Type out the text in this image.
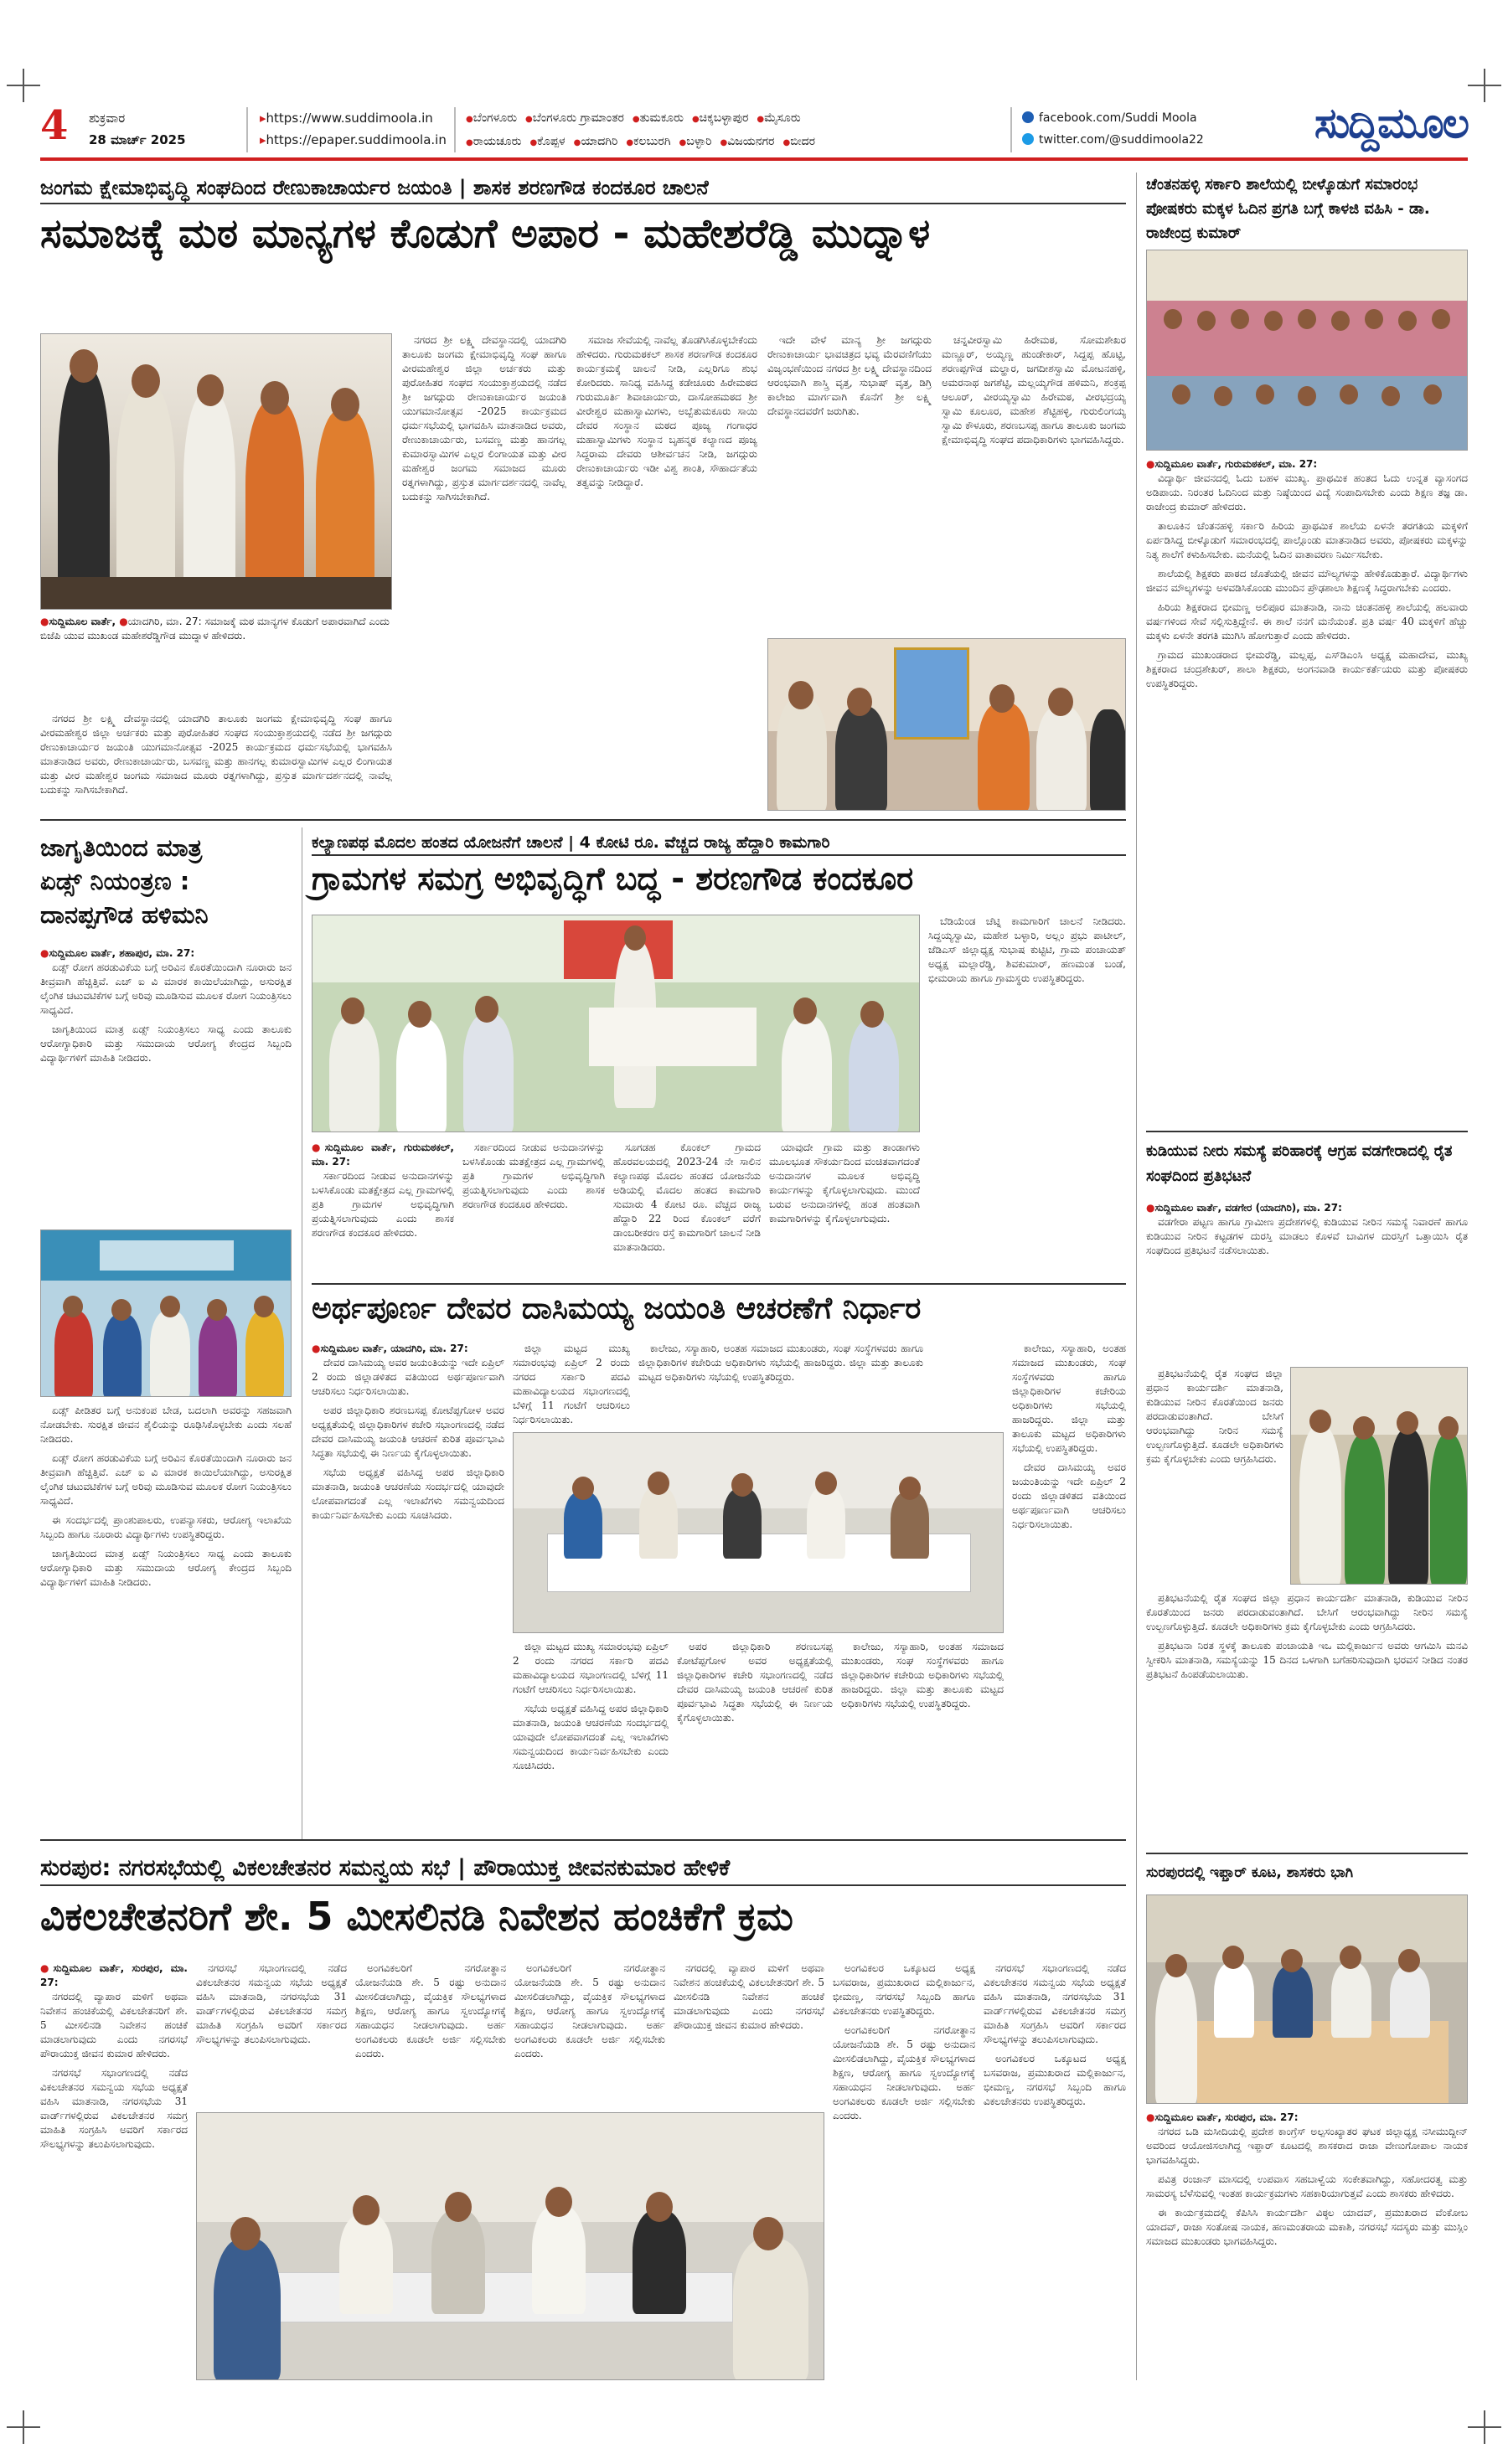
4	ಶುಕ್ರವಾರ
28 ಮಾರ್ಚ್ 2025
▸ https://www.suddimoola.in
▸ https://epaper.suddimoola.in
● ಬೆಂಗಳೂರು ● ಬೆಂಗಳೂರು ಗ್ರಾಮಾಂತರ ● ತುಮಕೂರು ● ಚಿಕ್ಕಬಳ್ಳಾಪುರ ● ಮೈಸೂರು
● ರಾಯಚೂರು ● ಕೊಪ್ಪಳ ● ಯಾದಗಿರಿ ● ಕಲಬುರಗಿ ● ಬಳ್ಳಾರಿ ● ವಿಜಯನಗರ ● ಬೀದರ
facebook.com/Suddi Moola
twitter.com/@suddimoola22	ಸುದ್ದಿಮೂಲ
ಜಂಗಮ ಕ್ಷೇಮಾಭಿವೃದ್ಧಿ ಸಂಘದಿಂದ ರೇಣುಕಾಚಾರ್ಯರ ಜಯಂತಿ | ಶಾಸಕ ಶರಣಗೌಡ ಕಂದಕೂರ ಚಾಲನೆ
ಸಮಾಜಕ್ಕೆ ಮಠ ಮಾನ್ಯಗಳ ಕೊಡುಗೆ ಅಪಾರ - ಮಹೇಶರೆಡ್ಡಿ ಮುದ್ನಾಳ
● ಸುದ್ದಿಮೂಲ ವಾರ್ತೆ, ● ಯಾದಗಿರಿ, ಮಾ. 27: ಸಮಾಜಕ್ಕೆ ಮಠ ಮಾನ್ಯಗಳ ಕೊಡುಗೆ ಅಪಾರವಾಗಿದೆ ಎಂದು ಬಿಜೆಪಿ ಯುವ ಮುಖಂಡ ಮಹೇಶರೆಡ್ಡಿಗೌಡ ಮುದ್ನಾಳ ಹೇಳಿದರು.

ನಗರದ ಶ್ರೀ ಲಕ್ಷ್ಮಿ ದೇವಸ್ಥಾನದಲ್ಲಿ ಯಾದಗಿರಿ ತಾಲೂಕು ಜಂಗಮ ಕ್ಷೇಮಾಭಿವೃದ್ಧಿ ಸಂಘ ಹಾಗೂ ವೀರಮಹೇಶ್ವರ ಜಿಲ್ಲಾ ಅರ್ಚಕರು ಮತ್ತು ಪುರೋಹಿತರ ಸಂಘದ ಸಂಯುಕ್ತಾಶ್ರಯದಲ್ಲಿ ನಡೆದ ಶ್ರೀ ಜಗದ್ಗುರು ರೇಣುಕಾಚಾರ್ಯರ ಜಯಂತಿ ಯುಗಮಾನೋತ್ಸವ -2025 ಕಾರ್ಯಕ್ರಮದ ಧರ್ಮಸಭೆಯಲ್ಲಿ ಭಾಗವಹಿಸಿ ಮಾತನಾಡಿದ ಅವರು, ರೇಣುಕಾಚಾರ್ಯರು, ಬಸವಣ್ಣ ಮತ್ತು ಹಾನಗಲ್ಲ ಕುಮಾರಸ್ವಾಮಿಗಳ ಎಲ್ಲರ ಲಿಂಗಾಯತ ಮತ್ತು ವೀರ ಮಹೇಶ್ವರ ಜಂಗಮ ಸಮಾಜದ ಮೂರು ರತ್ನಗಳಾಗಿದ್ದು, ಪ್ರಸ್ತುತ ಮಾರ್ಗದರ್ಶನದಲ್ಲಿ ನಾವೆಲ್ಲ ಬದುಕನ್ನು ಸಾಗಿಸಬೇಕಾಗಿದೆ.

ನಗರದ ಶ್ರೀ ಲಕ್ಷ್ಮಿ ದೇವಸ್ಥಾನದಲ್ಲಿ ಯಾದಗಿರಿ ತಾಲೂಕು ಜಂಗಮ ಕ್ಷೇಮಾಭಿವೃದ್ಧಿ ಸಂಘ ಹಾಗೂ ವೀರಮಹೇಶ್ವರ ಜಿಲ್ಲಾ ಅರ್ಚಕರು ಮತ್ತು ಪುರೋಹಿತರ ಸಂಘದ ಸಂಯುಕ್ತಾಶ್ರಯದಲ್ಲಿ ನಡೆದ ಶ್ರೀ ಜಗದ್ಗುರು ರೇಣುಕಾಚಾರ್ಯರ ಜಯಂತಿ ಯುಗಮಾನೋತ್ಸವ -2025 ಕಾರ್ಯಕ್ರಮದ ಧರ್ಮಸಭೆಯಲ್ಲಿ ಭಾಗವಹಿಸಿ ಮಾತನಾಡಿದ ಅವರು, ರೇಣುಕಾಚಾರ್ಯರು, ಬಸವಣ್ಣ ಮತ್ತು ಹಾನಗಲ್ಲ ಕುಮಾರಸ್ವಾಮಿಗಳ ಎಲ್ಲರ ಲಿಂಗಾಯತ ಮತ್ತು ವೀರ ಮಹೇಶ್ವರ ಜಂಗಮ ಸಮಾಜದ ಮೂರು ರತ್ನಗಳಾಗಿದ್ದು, ಪ್ರಸ್ತುತ ಮಾರ್ಗದರ್ಶನದಲ್ಲಿ ನಾವೆಲ್ಲ ಬದುಕನ್ನು ಸಾಗಿಸಬೇಕಾಗಿದೆ.

ಸಮಾಜ ಸೇವೆಯಲ್ಲಿ ನಾವೆಲ್ಲ ತೊಡಗಿಸಿಕೊಳ್ಳಬೇಕೆಂದು ಹೇಳಿದರು. ಗುರುಮಠಕಲ್ ಶಾಸಕ ಶರಣಗೌಡ ಕಂದಕೂರ ಕಾರ್ಯಕ್ರಮಕ್ಕೆ ಚಾಲನೆ ನೀಡಿ, ಎಲ್ಲರಿಗೂ ಶುಭ ಕೋರಿದರು. ಸಾನಿಧ್ಯ ವಹಿಸಿದ್ದ ಕಡೇಚೂರು ಹಿರೇಮಠದ ಗುರುಮೂರ್ತಿ ಶಿವಾಚಾರ್ಯರು, ದಾಸೋಹಮಠದ ಶ್ರೀ ವೀರೇಶ್ವರ ಮಹಾಸ್ವಾಮಿಗಳು, ಅಬ್ಬೆತುಮಕೂರು ಸಾಯಿ ದೇವರ ಸಂಸ್ಥಾನ ಮಠದ ಪೂಜ್ಯ ಗಂಗಾಧರ ಮಹಾಸ್ವಾಮಿಗಳು ಸಂಸ್ಥಾನ ಬೃಹನ್ಮಠ ಕಲ್ಯಾಣದ ಪೂಜ್ಯ ಸಿದ್ಧರಾಮ ದೇವರು ಆಶೀರ್ವಚನ ನೀಡಿ, ಜಗದ್ಗುರು ರೇಣುಕಾಚಾರ್ಯರು ಇಡೀ ವಿಶ್ವ ಶಾಂತಿ, ಸೌಹಾರ್ದತೆಯ ತತ್ವವನ್ನು ನೀಡಿದ್ದಾರೆ.

ಇದೇ ವೇಳೆ ಮಾನ್ಯ ಶ್ರೀ ಜಗದ್ಗುರು ರೇಣುಕಾಚಾರ್ಯ ಭಾವಚಿತ್ರದ ಭವ್ಯ ಮೆರವಣಿಗೆಯು ವಿಜೃಂಭಣೆಯಿಂದ ನಗರದ ಶ್ರೀ ಲಕ್ಷ್ಮಿ ದೇವಸ್ಥಾನದಿಂದ ಆರಂಭವಾಗಿ ಶಾಸ್ತ್ರಿ ವೃತ್ತ, ಸುಭಾಷ್ ವೃತ್ತ, ಡಿಗ್ರಿ ಕಾಲೇಜು ಮಾರ್ಗವಾಗಿ ಕೊನೆಗೆ ಶ್ರೀ ಲಕ್ಷ್ಮಿ ದೇವಸ್ಥಾನದವರೆಗೆ ಜರುಗಿತು.

ಚನ್ನವೀರಸ್ವಾಮಿ ಹಿರೇಮಠ, ಸೋಮಶೇಖರ ಮಣ್ಣೂರ್, ಅಯ್ಯಣ್ಣ ಹುಂಡೇಕಾರ್, ಸಿದ್ದಪ್ಪ ಹೊಟ್ಟಿ, ಶರಣಪ್ಪಗೌಡ ಮಲ್ಹಾರ, ಜಗದೀಶಸ್ವಾಮಿ ಮೋಟನಹಳ್ಳಿ, ಅಮರನಾಥ ಜಗಶೆಟ್ಟಿ, ಮಲ್ಲಯ್ಯಗೌಡ ಹಳಿಮನಿ, ಶಂಕ್ರಪ್ಪ ಆಲೂರ್, ವೀರಯ್ಯಸ್ವಾಮಿ ಹಿರೇಮಠ, ವೀರಭದ್ರಯ್ಯ ಸ್ವಾಮಿ ಕೂಲೂರ, ಮಹೇಶ ಶೆಟ್ಟಿಹಳ್ಳಿ, ಗುರುಲಿಂಗಯ್ಯ ಸ್ವಾಮಿ ಕೌಳೂರು, ಶರಣಬಸಪ್ಪ ಹಾಗೂ ತಾಲೂಕು ಜಂಗಮ ಕ್ಷೇಮಾಭಿವೃದ್ಧಿ ಸಂಘದ ಪದಾಧಿಕಾರಿಗಳು ಭಾಗವಹಿಸಿದ್ದರು.

ಜಾಗೃತಿಯಿಂದ ಮಾತ್ರ
ಏಡ್ಸ್ ನಿಯಂತ್ರಣ :
ದಾನಪ್ಪಗೌಡ ಹಳಿಮನಿ
● ಸುದ್ದಿಮೂಲ ವಾರ್ತೆ, ಶಹಾಪುರ, ಮಾ. 27:

ಏಡ್ಸ್ ರೋಗ ಹರಡುವಿಕೆಯ ಬಗ್ಗೆ ಅರಿವಿನ ಕೊರತೆಯಿಂದಾಗಿ ನೂರಾರು ಜನ ತೀವ್ರವಾಗಿ ಹೆಚ್ಚಿತ್ತಿವೆ. ಎಚ್ ಐ ವಿ ಮಾರಕ ಕಾಯಿಲೆಯಾಗಿದ್ದು, ಅಸುರಕ್ಷಿತ ಲೈಂಗಿಕ ಚಟುವಟಿಕೆಗಳ ಬಗ್ಗೆ ಅರಿವು ಮೂಡಿಸುವ ಮೂಲಕ ರೋಗ ನಿಯಂತ್ರಿಸಲು ಸಾಧ್ಯವಿದೆ.

ಜಾಗೃತಿಯಿಂದ ಮಾತ್ರ ಏಡ್ಸ್ ನಿಯಂತ್ರಿಸಲು ಸಾಧ್ಯ ಎಂದು ತಾಲೂಕು ಆರೋಗ್ಯಾಧಿಕಾರಿ ಮತ್ತು ಸಮುದಾಯ ಆರೋಗ್ಯ ಕೇಂದ್ರದ ಸಿಬ್ಬಂದಿ ವಿದ್ಯಾರ್ಥಿಗಳಿಗೆ ಮಾಹಿತಿ ನೀಡಿದರು.

ಏಡ್ಸ್ ಪೀಡಿತರ ಬಗ್ಗೆ ಅನುಕಂಪ ಬೇಡ, ಬದಲಾಗಿ ಅವರನ್ನು ಸಹಜವಾಗಿ ನೋಡಬೇಕು. ಸುರಕ್ಷಿತ ಜೀವನ ಶೈಲಿಯನ್ನು ರೂಢಿಸಿಕೊಳ್ಳಬೇಕು ಎಂದು ಸಲಹೆ ನೀಡಿದರು.

ಏಡ್ಸ್ ರೋಗ ಹರಡುವಿಕೆಯ ಬಗ್ಗೆ ಅರಿವಿನ ಕೊರತೆಯಿಂದಾಗಿ ನೂರಾರು ಜನ ತೀವ್ರವಾಗಿ ಹೆಚ್ಚಿತ್ತಿವೆ. ಎಚ್ ಐ ವಿ ಮಾರಕ ಕಾಯಿಲೆಯಾಗಿದ್ದು, ಅಸುರಕ್ಷಿತ ಲೈಂಗಿಕ ಚಟುವಟಿಕೆಗಳ ಬಗ್ಗೆ ಅರಿವು ಮೂಡಿಸುವ ಮೂಲಕ ರೋಗ ನಿಯಂತ್ರಿಸಲು ಸಾಧ್ಯವಿದೆ.

ಈ ಸಂದರ್ಭದಲ್ಲಿ ಪ್ರಾಂಶುಪಾಲರು, ಉಪನ್ಯಾಸಕರು, ಆರೋಗ್ಯ ಇಲಾಖೆಯ ಸಿಬ್ಬಂದಿ ಹಾಗೂ ನೂರಾರು ವಿದ್ಯಾರ್ಥಿಗಳು ಉಪಸ್ಥಿತರಿದ್ದರು.

ಜಾಗೃತಿಯಿಂದ ಮಾತ್ರ ಏಡ್ಸ್ ನಿಯಂತ್ರಿಸಲು ಸಾಧ್ಯ ಎಂದು ತಾಲೂಕು ಆರೋಗ್ಯಾಧಿಕಾರಿ ಮತ್ತು ಸಮುದಾಯ ಆರೋಗ್ಯ ಕೇಂದ್ರದ ಸಿಬ್ಬಂದಿ ವಿದ್ಯಾರ್ಥಿಗಳಿಗೆ ಮಾಹಿತಿ ನೀಡಿದರು.

ಕಲ್ಯಾಣಪಥ ಮೊದಲ ಹಂತದ ಯೋಜನೆಗೆ ಚಾಲನೆ | 4 ಕೋಟಿ ರೂ. ವೆಚ್ಚದ ರಾಜ್ಯ ಹೆದ್ದಾರಿ ಕಾಮಗಾರಿ
ಗ್ರಾಮಗಳ ಸಮಗ್ರ ಅಭಿವೃದ್ಧಿಗೆ ಬದ್ಧ - ಶರಣಗೌಡ ಕಂದಕೂರ

ಬೆಡಿಯೆಂಡ ಚೆಟ್ನಿ ಕಾಮಗಾರಿಗೆ ಚಾಲನೆ ನೀಡಿದರು. ಸಿದ್ದಯ್ಯಸ್ವಾಮಿ, ಮಹೇಶ ಬಳ್ಳಾರಿ, ಅಲ್ಲಂ ಪ್ರಭು ಪಾಟೀಲ್, ಜೆಡಿಎಸ್ ಜಿಲ್ಲಾಧ್ಯಕ್ಷ ಸುಭಾಷ ಕುಟ್ಟಿಟಿ, ಗ್ರಾಮ ಪಂಚಾಯತ್ ಅಧ್ಯಕ್ಷ ಮಲ್ಲಾರೆಡ್ಡಿ, ಶಿವಕುಮಾರ್, ಹಣಮಂತ ಬಂಡೆ, ಭೀಮರಾಯ ಹಾಗೂ ಗ್ರಾಮಸ್ಥರು ಉಪಸ್ಥಿತರಿದ್ದರು.

● ಸುದ್ದಿಮೂಲ ವಾರ್ತೆ, ಗುರುಮಠಕಲ್, ಮಾ. 27:

ಸರ್ಕಾರದಿಂದ ನೀಡುವ ಅನುದಾನಗಳನ್ನು ಬಳಸಿಕೊಂಡು ಮತಕ್ಷೇತ್ರದ ಎಲ್ಲ ಗ್ರಾಮಗಳಲ್ಲಿ ಪ್ರತಿ ಗ್ರಾಮಗಳ ಅಭಿವೃದ್ಧಿಗಾಗಿ ಪ್ರಯತ್ನಿಸಲಾಗುವುದು ಎಂದು ಶಾಸಕ ಶರಣಗೌಡ ಕಂದಕೂರ ಹೇಳಿದರು.

ಸರ್ಕಾರದಿಂದ ನೀಡುವ ಅನುದಾನಗಳನ್ನು ಬಳಸಿಕೊಂಡು ಮತಕ್ಷೇತ್ರದ ಎಲ್ಲ ಗ್ರಾಮಗಳಲ್ಲಿ ಪ್ರತಿ ಗ್ರಾಮಗಳ ಅಭಿವೃದ್ಧಿಗಾಗಿ ಪ್ರಯತ್ನಿಸಲಾಗುವುದು ಎಂದು ಶಾಸಕ ಶರಣಗೌಡ ಕಂದಕೂರ ಹೇಳಿದರು.

ಸೂಗಡಹ ಕೊಂಕಲ್ ಗ್ರಾಮದ ಹೊರವಲಯದಲ್ಲಿ 2023-24 ನೇ ಸಾಲಿನ ಕಲ್ಯಾಣಪಥ ಮೊದಲ ಹಂತದ ಯೋಜನೆಯ ಅಡಿಯಲ್ಲಿ ಮೊದಲ ಹಂತದ ಕಾಮಗಾರಿ ಸುಮಾರು 4 ಕೋಟಿ ರೂ. ವೆಚ್ಚದ ರಾಜ್ಯ ಹೆದ್ದಾರಿ 22 ರಿಂದ ಕೊಂಕಲ್ ವರೆಗೆ ಡಾಂಬರೀಕರಣ ರಸ್ತೆ ಕಾಮಗಾರಿಗೆ ಚಾಲನೆ ನೀಡಿ ಮಾತನಾಡಿದರು.

ಯಾವುದೇ ಗ್ರಾಮ ಮತ್ತು ತಾಂಡಾಗಳು ಮೂಲಭೂತ ಸೌಕರ್ಯದಿಂದ ವಂಚಿತವಾಗದಂತೆ ಅನುದಾನಗಳ ಮೂಲಕ ಅಭಿವೃದ್ಧಿ ಕಾರ್ಯಗಳನ್ನು ಕೈಗೊಳ್ಳಲಾಗುವುದು. ಮುಂದೆ ಬರುವ ಅನುದಾನಗಳಲ್ಲಿ ಹಂತ ಹಂತವಾಗಿ ಕಾಮಗಾರಿಗಳನ್ನು ಕೈಗೊಳ್ಳಲಾಗುವುದು.

ಅರ್ಥಪೂರ್ಣ ದೇವರ ದಾಸಿಮಯ್ಯ ಜಯಂತಿ ಆಚರಣೆಗೆ ನಿರ್ಧಾರ
● ಸುದ್ದಿಮೂಲ ವಾರ್ತೆ, ಯಾದಗಿರಿ, ಮಾ. 27:

ದೇವರ ದಾಸಿಮಯ್ಯ ಅವರ ಜಯಂತಿಯನ್ನು ಇದೇ ಏಪ್ರಿಲ್ 2 ರಂದು ಜಿಲ್ಲಾಡಳಿತದ ವತಿಯಿಂದ ಅರ್ಥಪೂರ್ಣವಾಗಿ ಆಚರಿಸಲು ನಿರ್ಧರಿಸಲಾಯಿತು.

ಅಪರ ಜಿಲ್ಲಾಧಿಕಾರಿ ಶರಣಬಸಪ್ಪ ಕೋಟೆಪ್ಪಗೋಳ ಅವರ ಅಧ್ಯಕ್ಷತೆಯಲ್ಲಿ ಜಿಲ್ಲಾಧಿಕಾರಿಗಳ ಕಚೇರಿ ಸಭಾಂಗಣದಲ್ಲಿ ನಡೆದ ದೇವರ ದಾಸಿಮಯ್ಯ ಜಯಂತಿ ಆಚರಣೆ ಕುರಿತ ಪೂರ್ವಭಾವಿ ಸಿದ್ಧತಾ ಸಭೆಯಲ್ಲಿ ಈ ನಿರ್ಣಯ ಕೈಗೊಳ್ಳಲಾಯಿತು.

ಸಭೆಯ ಅಧ್ಯಕ್ಷತೆ ವಹಿಸಿದ್ದ ಅಪರ ಜಿಲ್ಲಾಧಿಕಾರಿ ಮಾತನಾಡಿ, ಜಯಂತಿ ಆಚರಣೆಯ ಸಂದರ್ಭದಲ್ಲಿ ಯಾವುದೇ ಲೋಪವಾಗದಂತೆ ಎಲ್ಲ ಇಲಾಖೆಗಳು ಸಮನ್ವಯದಿಂದ ಕಾರ್ಯನಿರ್ವಹಿಸಬೇಕು ಎಂದು ಸೂಚಿಸಿದರು.

ಜಿಲ್ಲಾ ಮಟ್ಟದ ಮುಖ್ಯ ಸಮಾರಂಭವು ಏಪ್ರಿಲ್ 2 ರಂದು ನಗರದ ಸರ್ಕಾರಿ ಪದವಿ ಮಹಾವಿದ್ಯಾಲಯದ ಸಭಾಂಗಣದಲ್ಲಿ ಬೆಳಿಗ್ಗೆ 11 ಗಂಟೆಗೆ ಆಚರಿಸಲು ನಿರ್ಧರಿಸಲಾಯಿತು.

ಕಾಲೇಜು, ಸಸ್ಯಾಹಾರಿ, ಅಂತಹ ಸಮಾಜದ ಮುಖಂಡರು, ಸಂಘ ಸಂಸ್ಥೆಗಳವರು ಹಾಗೂ ಜಿಲ್ಲಾಧಿಕಾರಿಗಳ ಕಚೇರಿಯ ಅಧಿಕಾರಿಗಳು ಸಭೆಯಲ್ಲಿ ಹಾಜರಿದ್ದರು. ಜಿಲ್ಲಾ ಮತ್ತು ತಾಲೂಕು ಮಟ್ಟದ ಅಧಿಕಾರಿಗಳು ಸಭೆಯಲ್ಲಿ ಉಪಸ್ಥಿತರಿದ್ದರು.

ಜಿಲ್ಲಾ ಮಟ್ಟದ ಮುಖ್ಯ ಸಮಾರಂಭವು ಏಪ್ರಿಲ್ 2 ರಂದು ನಗರದ ಸರ್ಕಾರಿ ಪದವಿ ಮಹಾವಿದ್ಯಾಲಯದ ಸಭಾಂಗಣದಲ್ಲಿ ಬೆಳಿಗ್ಗೆ 11 ಗಂಟೆಗೆ ಆಚರಿಸಲು ನಿರ್ಧರಿಸಲಾಯಿತು.

ಸಭೆಯ ಅಧ್ಯಕ್ಷತೆ ವಹಿಸಿದ್ದ ಅಪರ ಜಿಲ್ಲಾಧಿಕಾರಿ ಮಾತನಾಡಿ, ಜಯಂತಿ ಆಚರಣೆಯ ಸಂದರ್ಭದಲ್ಲಿ ಯಾವುದೇ ಲೋಪವಾಗದಂತೆ ಎಲ್ಲ ಇಲಾಖೆಗಳು ಸಮನ್ವಯದಿಂದ ಕಾರ್ಯನಿರ್ವಹಿಸಬೇಕು ಎಂದು ಸೂಚಿಸಿದರು.

ಅಪರ ಜಿಲ್ಲಾಧಿಕಾರಿ ಶರಣಬಸಪ್ಪ ಕೋಟೆಪ್ಪಗೋಳ ಅವರ ಅಧ್ಯಕ್ಷತೆಯಲ್ಲಿ ಜಿಲ್ಲಾಧಿಕಾರಿಗಳ ಕಚೇರಿ ಸಭಾಂಗಣದಲ್ಲಿ ನಡೆದ ದೇವರ ದಾಸಿಮಯ್ಯ ಜಯಂತಿ ಆಚರಣೆ ಕುರಿತ ಪೂರ್ವಭಾವಿ ಸಿದ್ಧತಾ ಸಭೆಯಲ್ಲಿ ಈ ನಿರ್ಣಯ ಕೈಗೊಳ್ಳಲಾಯಿತು.

ಕಾಲೇಜು, ಸಸ್ಯಾಹಾರಿ, ಅಂತಹ ಸಮಾಜದ ಮುಖಂಡರು, ಸಂಘ ಸಂಸ್ಥೆಗಳವರು ಹಾಗೂ ಜಿಲ್ಲಾಧಿಕಾರಿಗಳ ಕಚೇರಿಯ ಅಧಿಕಾರಿಗಳು ಸಭೆಯಲ್ಲಿ ಹಾಜರಿದ್ದರು. ಜಿಲ್ಲಾ ಮತ್ತು ತಾಲೂಕು ಮಟ್ಟದ ಅಧಿಕಾರಿಗಳು ಸಭೆಯಲ್ಲಿ ಉಪಸ್ಥಿತರಿದ್ದರು.

ಕಾಲೇಜು, ಸಸ್ಯಾಹಾರಿ, ಅಂತಹ ಸಮಾಜದ ಮುಖಂಡರು, ಸಂಘ ಸಂಸ್ಥೆಗಳವರು ಹಾಗೂ ಜಿಲ್ಲಾಧಿಕಾರಿಗಳ ಕಚೇರಿಯ ಅಧಿಕಾರಿಗಳು ಸಭೆಯಲ್ಲಿ ಹಾಜರಿದ್ದರು. ಜಿಲ್ಲಾ ಮತ್ತು ತಾಲೂಕು ಮಟ್ಟದ ಅಧಿಕಾರಿಗಳು ಸಭೆಯಲ್ಲಿ ಉಪಸ್ಥಿತರಿದ್ದರು.

ದೇವರ ದಾಸಿಮಯ್ಯ ಅವರ ಜಯಂತಿಯನ್ನು ಇದೇ ಏಪ್ರಿಲ್ 2 ರಂದು ಜಿಲ್ಲಾಡಳಿತದ ವತಿಯಿಂದ ಅರ್ಥಪೂರ್ಣವಾಗಿ ಆಚರಿಸಲು ನಿರ್ಧರಿಸಲಾಯಿತು.

ಸುರಪುರ: ನಗರಸಭೆಯಲ್ಲಿ ವಿಕಲಚೇತನರ ಸಮನ್ವಯ ಸಭೆ | ಪೌರಾಯುಕ್ತ ಜೀವನಕುಮಾರ ಹೇಳಿಕೆ
ವಿಕಲಚೇತನರಿಗೆ ಶೇ. 5 ಮೀಸಲಿನಡಿ ನಿವೇಶನ ಹಂಚಿಕೆಗೆ ಕ್ರಮ
● ಸುದ್ದಿಮೂಲ ವಾರ್ತೆ, ಸುರಪುರ, ಮಾ. 27:

ನಗರದಲ್ಲಿ ವ್ಯಾಪಾರ ಮಳಿಗೆ ಅಥವಾ ನಿವೇಶನ ಹಂಚಿಕೆಯಲ್ಲಿ ವಿಕಲಚೇತನರಿಗೆ ಶೇ. 5 ಮೀಸಲಿನಡಿ ನಿವೇಶನ ಹಂಚಿಕೆ ಮಾಡಲಾಗುವುದು ಎಂದು ನಗರಸಭೆ ಪೌರಾಯುಕ್ತ ಜೀವನ ಕುಮಾರ ಹೇಳಿದರು.

ನಗರಸಭೆ ಸಭಾಂಗಣದಲ್ಲಿ ನಡೆದ ವಿಕಲಚೇತನರ ಸಮನ್ವಯ ಸಭೆಯ ಅಧ್ಯಕ್ಷತೆ ವಹಿಸಿ ಮಾತನಾಡಿ, ನಗರಸಭೆಯ 31 ವಾರ್ಡ್‌ಗಳಲ್ಲಿರುವ ವಿಕಲಚೇತನರ ಸಮಗ್ರ ಮಾಹಿತಿ ಸಂಗ್ರಹಿಸಿ ಅವರಿಗೆ ಸರ್ಕಾರದ ಸೌಲಭ್ಯಗಳನ್ನು ತಲುಪಿಸಲಾಗುವುದು.

ನಗರಸಭೆ ಸಭಾಂಗಣದಲ್ಲಿ ನಡೆದ ವಿಕಲಚೇತನರ ಸಮನ್ವಯ ಸಭೆಯ ಅಧ್ಯಕ್ಷತೆ ವಹಿಸಿ ಮಾತನಾಡಿ, ನಗರಸಭೆಯ 31 ವಾರ್ಡ್‌ಗಳಲ್ಲಿರುವ ವಿಕಲಚೇತನರ ಸಮಗ್ರ ಮಾಹಿತಿ ಸಂಗ್ರಹಿಸಿ ಅವರಿಗೆ ಸರ್ಕಾರದ ಸೌಲಭ್ಯಗಳನ್ನು ತಲುಪಿಸಲಾಗುವುದು.

ಅಂಗವಿಕಲರಿಗೆ ನಗರೋತ್ಥಾನ ಯೋಜನೆಯಡಿ ಶೇ. 5 ರಷ್ಟು ಅನುದಾನ ಮೀಸಲಿಡಲಾಗಿದ್ದು, ವೈಯಕ್ತಿಕ ಸೌಲಭ್ಯಗಳಾದ ಶಿಕ್ಷಣ, ಆರೋಗ್ಯ ಹಾಗೂ ಸ್ವಉದ್ಯೋಗಕ್ಕೆ ಸಹಾಯಧನ ನೀಡಲಾಗುವುದು. ಅರ್ಹ ಅಂಗವಿಕಲರು ಕೂಡಲೇ ಅರ್ಜಿ ಸಲ್ಲಿಸಬೇಕು ಎಂದರು.

ಅಂಗವಿಕಲರಿಗೆ ನಗರೋತ್ಥಾನ ಯೋಜನೆಯಡಿ ಶೇ. 5 ರಷ್ಟು ಅನುದಾನ ಮೀಸಲಿಡಲಾಗಿದ್ದು, ವೈಯಕ್ತಿಕ ಸೌಲಭ್ಯಗಳಾದ ಶಿಕ್ಷಣ, ಆರೋಗ್ಯ ಹಾಗೂ ಸ್ವಉದ್ಯೋಗಕ್ಕೆ ಸಹಾಯಧನ ನೀಡಲಾಗುವುದು. ಅರ್ಹ ಅಂಗವಿಕಲರು ಕೂಡಲೇ ಅರ್ಜಿ ಸಲ್ಲಿಸಬೇಕು ಎಂದರು.

ನಗರದಲ್ಲಿ ವ್ಯಾಪಾರ ಮಳಿಗೆ ಅಥವಾ ನಿವೇಶನ ಹಂಚಿಕೆಯಲ್ಲಿ ವಿಕಲಚೇತನರಿಗೆ ಶೇ. 5 ಮೀಸಲಿನಡಿ ನಿವೇಶನ ಹಂಚಿಕೆ ಮಾಡಲಾಗುವುದು ಎಂದು ನಗರಸಭೆ ಪೌರಾಯುಕ್ತ ಜೀವನ ಕುಮಾರ ಹೇಳಿದರು.

ಅಂಗವಿಕಲರ ಒಕ್ಕೂಟದ ಅಧ್ಯಕ್ಷ ಬಸವರಾಜ, ಪ್ರಮುಖರಾದ ಮಲ್ಲಿಕಾರ್ಜುನ, ಭೀಮಣ್ಣ, ನಗರಸಭೆ ಸಿಬ್ಬಂದಿ ಹಾಗೂ ವಿಕಲಚೇತನರು ಉಪಸ್ಥಿತರಿದ್ದರು.

ಅಂಗವಿಕಲರಿಗೆ ನಗರೋತ್ಥಾನ ಯೋಜನೆಯಡಿ ಶೇ. 5 ರಷ್ಟು ಅನುದಾನ ಮೀಸಲಿಡಲಾಗಿದ್ದು, ವೈಯಕ್ತಿಕ ಸೌಲಭ್ಯಗಳಾದ ಶಿಕ್ಷಣ, ಆರೋಗ್ಯ ಹಾಗೂ ಸ್ವಉದ್ಯೋಗಕ್ಕೆ ಸಹಾಯಧನ ನೀಡಲಾಗುವುದು. ಅರ್ಹ ಅಂಗವಿಕಲರು ಕೂಡಲೇ ಅರ್ಜಿ ಸಲ್ಲಿಸಬೇಕು ಎಂದರು.

ನಗರಸಭೆ ಸಭಾಂಗಣದಲ್ಲಿ ನಡೆದ ವಿಕಲಚೇತನರ ಸಮನ್ವಯ ಸಭೆಯ ಅಧ್ಯಕ್ಷತೆ ವಹಿಸಿ ಮಾತನಾಡಿ, ನಗರಸಭೆಯ 31 ವಾರ್ಡ್‌ಗಳಲ್ಲಿರುವ ವಿಕಲಚೇತನರ ಸಮಗ್ರ ಮಾಹಿತಿ ಸಂಗ್ರಹಿಸಿ ಅವರಿಗೆ ಸರ್ಕಾರದ ಸೌಲಭ್ಯಗಳನ್ನು ತಲುಪಿಸಲಾಗುವುದು.

ಅಂಗವಿಕಲರ ಒಕ್ಕೂಟದ ಅಧ್ಯಕ್ಷ ಬಸವರಾಜ, ಪ್ರಮುಖರಾದ ಮಲ್ಲಿಕಾರ್ಜುನ, ಭೀಮಣ್ಣ, ನಗರಸಭೆ ಸಿಬ್ಬಂದಿ ಹಾಗೂ ವಿಕಲಚೇತನರು ಉಪಸ್ಥಿತರಿದ್ದರು.

ಚೆಂತನಹಳ್ಳಿ ಸರ್ಕಾರಿ ಶಾಲೆಯಲ್ಲಿ ಬೀಳ್ಕೊಡುಗೆ ಸಮಾರಂಭ ಪೋಷಕರು ಮಕ್ಕಳ ಓದಿನ ಪ್ರಗತಿ ಬಗ್ಗೆ ಕಾಳಜಿ ವಹಿಸಿ - ಡಾ. ರಾಜೇಂದ್ರ ಕುಮಾರ್
● ಸುದ್ದಿಮೂಲ ವಾರ್ತೆ, ಗುರುಮಠಕಲ್, ಮಾ. 27:

ವಿದ್ಯಾರ್ಥಿ ಜೀವನದಲ್ಲಿ ಓದು ಬಹಳ ಮುಖ್ಯ. ಪ್ರಾಥಮಿಕ ಹಂತದ ಓದು ಉನ್ನತ ವ್ಯಾಸಂಗದ ಅಡಿಪಾಯ. ನಿರಂತರ ಓದಿನಿಂದ ಮತ್ತು ನಿಷ್ಠೆಯಿಂದ ವಿದ್ಯೆ ಸಂಪಾದಿಸಬೇಕು ಎಂದು ಶಿಕ್ಷಣ ತಜ್ಞ ಡಾ. ರಾಜೇಂದ್ರ ಕುಮಾರ್ ಹೇಳಿದರು.

ತಾಲೂಕಿನ ಚೆಂತನಹಳ್ಳಿ ಸರ್ಕಾರಿ ಹಿರಿಯ ಪ್ರಾಥಮಿಕ ಶಾಲೆಯ ಏಳನೇ ತರಗತಿಯ ಮಕ್ಕಳಿಗೆ ಏರ್ಪಡಿಸಿದ್ದ ಬೀಳ್ಕೊಡುಗೆ ಸಮಾರಂಭದಲ್ಲಿ ಪಾಲ್ಗೊಂಡು ಮಾತನಾಡಿದ ಅವರು, ಪೋಷಕರು ಮಕ್ಕಳನ್ನು ನಿತ್ಯ ಶಾಲೆಗೆ ಕಳುಹಿಸಬೇಕು. ಮನೆಯಲ್ಲಿ ಓದಿನ ವಾತಾವರಣ ನಿರ್ಮಿಸಬೇಕು.

ಶಾಲೆಯಲ್ಲಿ ಶಿಕ್ಷಕರು ಪಾಠದ ಜೊತೆಯಲ್ಲಿ ಜೀವನ ಮೌಲ್ಯಗಳನ್ನು ಹೇಳಿಕೊಡುತ್ತಾರೆ. ವಿದ್ಯಾರ್ಥಿಗಳು ಜೀವನ ಮೌಲ್ಯಗಳನ್ನು ಅಳವಡಿಸಿಕೊಂಡು ಮುಂದಿನ ಪ್ರೌಢಶಾಲಾ ಶಿಕ್ಷಣಕ್ಕೆ ಸಿದ್ಧರಾಗಬೇಕು ಎಂದರು.

ಹಿರಿಯ ಶಿಕ್ಷಕರಾದ ಭೀಮಣ್ಣ ಅಲಿಪೂರ ಮಾತನಾಡಿ, ನಾನು ಚಿಂತನಹಳ್ಳಿ ಶಾಲೆಯಲ್ಲಿ ಹಲವಾರು ವರ್ಷಗಳಿಂದ ಸೇವೆ ಸಲ್ಲಿಸುತ್ತಿದ್ದೇನೆ. ಈ ಶಾಲೆ ನನಗೆ ಮನೆಯಂತೆ. ಪ್ರತಿ ವರ್ಷ 40 ಮಕ್ಕಳಿಗೆ ಹೆಚ್ಚು ಮಕ್ಕಳು ಏಳನೇ ತರಗತಿ ಮುಗಿಸಿ ಹೋಗುತ್ತಾರೆ ಎಂದು ಹೇಳಿದರು.

ಗ್ರಾಮದ ಮುಖಂಡರಾದ ಭೀಮರೆಡ್ಡಿ, ಮಲ್ಲಪ್ಪ, ಎಸ್‌ಡಿಎಂಸಿ ಅಧ್ಯಕ್ಷ ಮಹಾದೇವ, ಮುಖ್ಯ ಶಿಕ್ಷಕರಾದ ಚಂದ್ರಶೇಖರ್, ಶಾಲಾ ಶಿಕ್ಷಕರು, ಅಂಗನವಾಡಿ ಕಾರ್ಯಕರ್ತೆಯರು ಮತ್ತು ಪೋಷಕರು ಉಪಸ್ಥಿತರಿದ್ದರು.

ಕುಡಿಯುವ ನೀರು ಸಮಸ್ಯೆ ಪರಿಹಾರಕ್ಕೆ ಆಗ್ರಹ ವಡಗೇರಾದಲ್ಲಿ ರೈತ ಸಂಘದಿಂದ ಪ್ರತಿಭಟನೆ
● ಸುದ್ದಿಮೂಲ ವಾರ್ತೆ, ವಡಗೇರ (ಯಾದಗಿರಿ), ಮಾ. 27:

ವಡಗೇರಾ ಪಟ್ಟಣ ಹಾಗೂ ಗ್ರಾಮೀಣ ಪ್ರದೇಶಗಳಲ್ಲಿ ಕುಡಿಯುವ ನೀರಿನ ಸಮಸ್ಯೆ ನಿವಾರಣೆ ಹಾಗೂ ಕುಡಿಯುವ ನೀರಿನ ಕಟ್ಟಡಗಳ ದುರಸ್ತಿ ಮಾಡಲು ಕೊಳವೆ ಬಾವಿಗಳ ದುರಸ್ತಿಗೆ ಒತ್ತಾಯಿಸಿ ರೈತ ಸಂಘದಿಂದ ಪ್ರತಿಭಟನೆ ನಡೆಸಲಾಯಿತು.

ಪ್ರತಿಭಟನೆಯಲ್ಲಿ ರೈತ ಸಂಘದ ಜಿಲ್ಲಾ ಪ್ರಧಾನ ಕಾರ್ಯದರ್ಶಿ ಮಾತನಾಡಿ, ಕುಡಿಯುವ ನೀರಿನ ಕೊರತೆಯಿಂದ ಜನರು ಪರದಾಡುವಂತಾಗಿದೆ. ಬೇಸಿಗೆ ಆರಂಭವಾಗಿದ್ದು ನೀರಿನ ಸಮಸ್ಯೆ ಉಲ್ಬಣಗೊಳ್ಳುತ್ತಿದೆ. ಕೂಡಲೇ ಅಧಿಕಾರಿಗಳು ಕ್ರಮ ಕೈಗೊಳ್ಳಬೇಕು ಎಂದು ಆಗ್ರಹಿಸಿದರು.

ಪ್ರತಿಭಟನೆಯಲ್ಲಿ ರೈತ ಸಂಘದ ಜಿಲ್ಲಾ ಪ್ರಧಾನ ಕಾರ್ಯದರ್ಶಿ ಮಾತನಾಡಿ, ಕುಡಿಯುವ ನೀರಿನ ಕೊರತೆಯಿಂದ ಜನರು ಪರದಾಡುವಂತಾಗಿದೆ. ಬೇಸಿಗೆ ಆರಂಭವಾಗಿದ್ದು ನೀರಿನ ಸಮಸ್ಯೆ ಉಲ್ಬಣಗೊಳ್ಳುತ್ತಿದೆ. ಕೂಡಲೇ ಅಧಿಕಾರಿಗಳು ಕ್ರಮ ಕೈಗೊಳ್ಳಬೇಕು ಎಂದು ಆಗ್ರಹಿಸಿದರು.

ಪ್ರತಿಭಟನಾ ನಿರತ ಸ್ಥಳಕ್ಕೆ ತಾಲೂಕು ಪಂಚಾಯತಿ ಇಒ ಮಲ್ಲಿಕಾರ್ಜುನ ಅವರು ಆಗಮಿಸಿ ಮನವಿ ಸ್ವೀಕರಿಸಿ ಮಾತನಾಡಿ, ಸಮಸ್ಯೆಯನ್ನು 15 ದಿನದ ಒಳಗಾಗಿ ಬಗೆಹರಿಸುವುದಾಗಿ ಭರವಸೆ ನೀಡಿದ ನಂತರ ಪ್ರತಿಭಟನೆ ಹಿಂಪಡೆಯಲಾಯಿತು.

ಸುರಪುರದಲ್ಲಿ ಇಫ್ತಾರ್ ಕೂಟ, ಶಾಸಕರು ಭಾಗಿ
● ಸುದ್ದಿಮೂಲ ವಾರ್ತೆ, ಸುರಪುರ, ಮಾ. 27:

ನಗರದ ಒಡಿ ಮಸೀದಿಯಲ್ಲಿ ಪ್ರದೇಶ ಕಾಂಗ್ರೆಸ್ ಅಲ್ಪಸಂಖ್ಯಾತರ ಘಟಕ ಜಿಲ್ಲಾಧ್ಯಕ್ಷ ನಸೀಮುದ್ದೀನ್ ಅವರಿಂದ ಆಯೋಜಿಸಲಾಗಿದ್ದ ಇಫ್ತಾರ್ ಕೂಟದಲ್ಲಿ ಶಾಸಕರಾದ ರಾಜಾ ವೇಣುಗೋಪಾಲ ನಾಯಕ ಭಾಗವಹಿಸಿದ್ದರು.

ಪವಿತ್ರ ರಂಜಾನ್ ಮಾಸದಲ್ಲಿ ಉಪವಾಸ ಸಹಬಾಳ್ವೆಯ ಸಂಕೇತವಾಗಿದ್ದು, ಸಹೋದರತ್ವ ಮತ್ತು ಸಾಮರಸ್ಯ ಬೆಳೆಸುವಲ್ಲಿ ಇಂತಹ ಕಾರ್ಯಕ್ರಮಗಳು ಸಹಕಾರಿಯಾಗುತ್ತವೆ ಎಂದು ಶಾಸಕರು ಹೇಳಿದರು.

ಈ ಕಾರ್ಯಕ್ರಮದಲ್ಲಿ ಕೆಪಿಸಿಸಿ ಕಾರ್ಯದರ್ಶಿ ವಿಠ್ಠಲ ಯಾದವ್, ಪ್ರಮುಖರಾದ ವೆಂಕೋಬ ಯಾದವ್, ರಾಜಾ ಸಂತೋಷ ನಾಯಕ, ಹಣಮಂತರಾಯ ಮಕಾಶಿ, ನಗರಸಭೆ ಸದಸ್ಯರು ಮತ್ತು ಮುಸ್ಲಿಂ ಸಮಾಜದ ಮುಖಂಡರು ಭಾಗವಹಿಸಿದ್ದರು.
